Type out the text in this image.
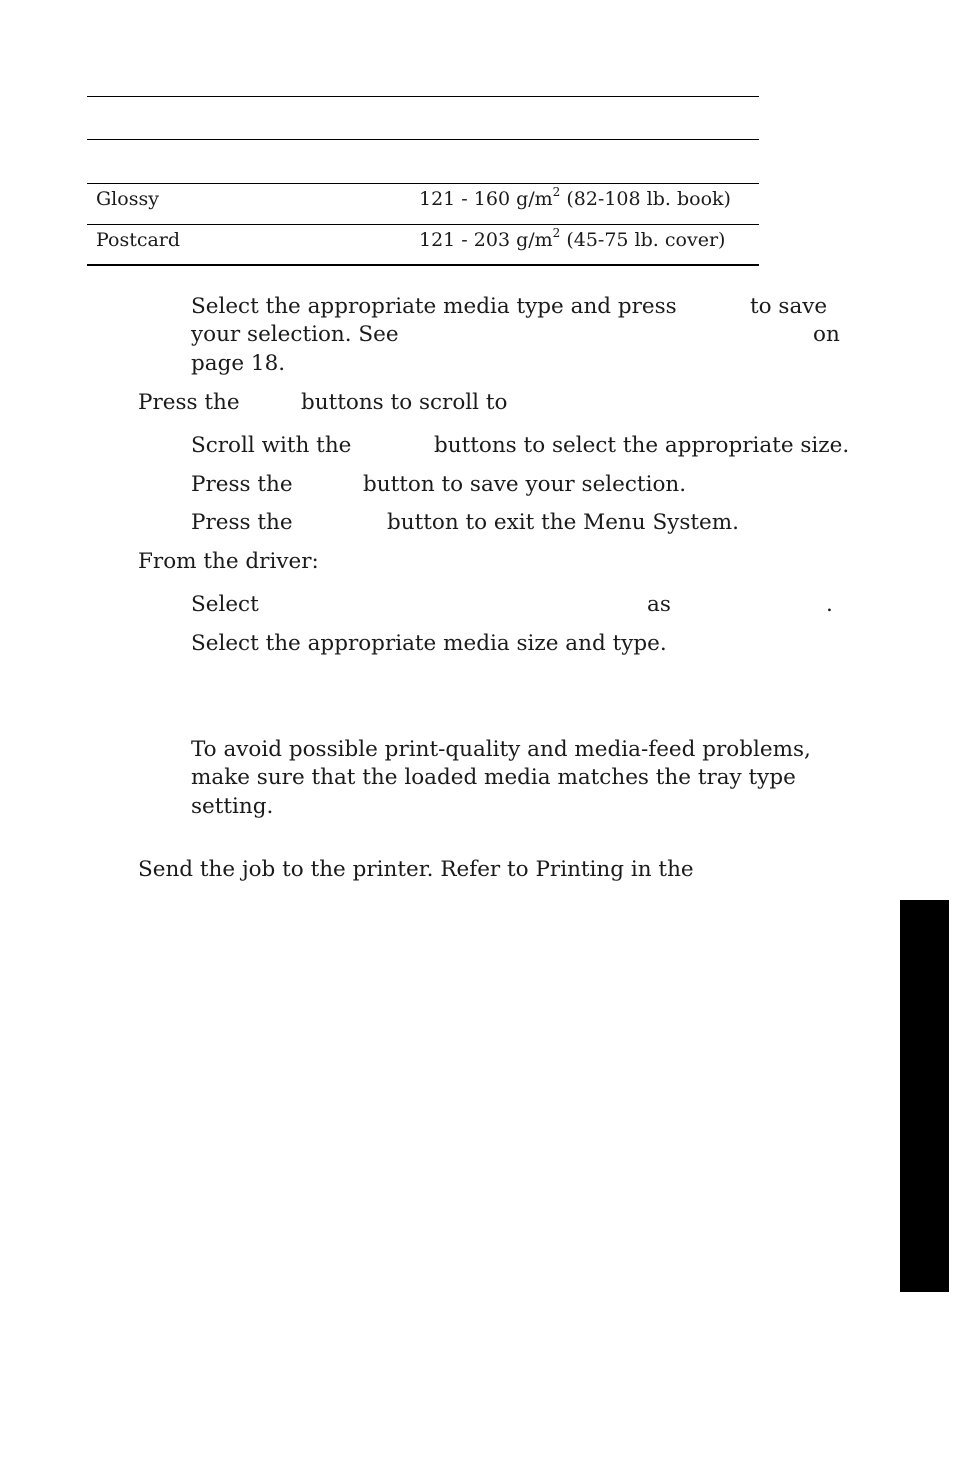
Glossy	121 - 160 $g/m^2$ (82-108 lb. book)
Postcard	121 - 203 $g/m^2$ (45-75 lb. cover)
Select the appropriate media type and press	to save
your selection. See	on
page 18.
Press the	buttons to scroll to
Scroll with the	buttons to select the appropriate size.
Press the	button to save your selection.
Press the	button to exit the Menu System.
From the driver:
Select	as	.
Select the appropriate media size and type.
To avoid possible print-quality and media-feed problems,
make sure that the loaded media matches the tray type
setting.
Send the job to the printer. Refer to Printing in the
